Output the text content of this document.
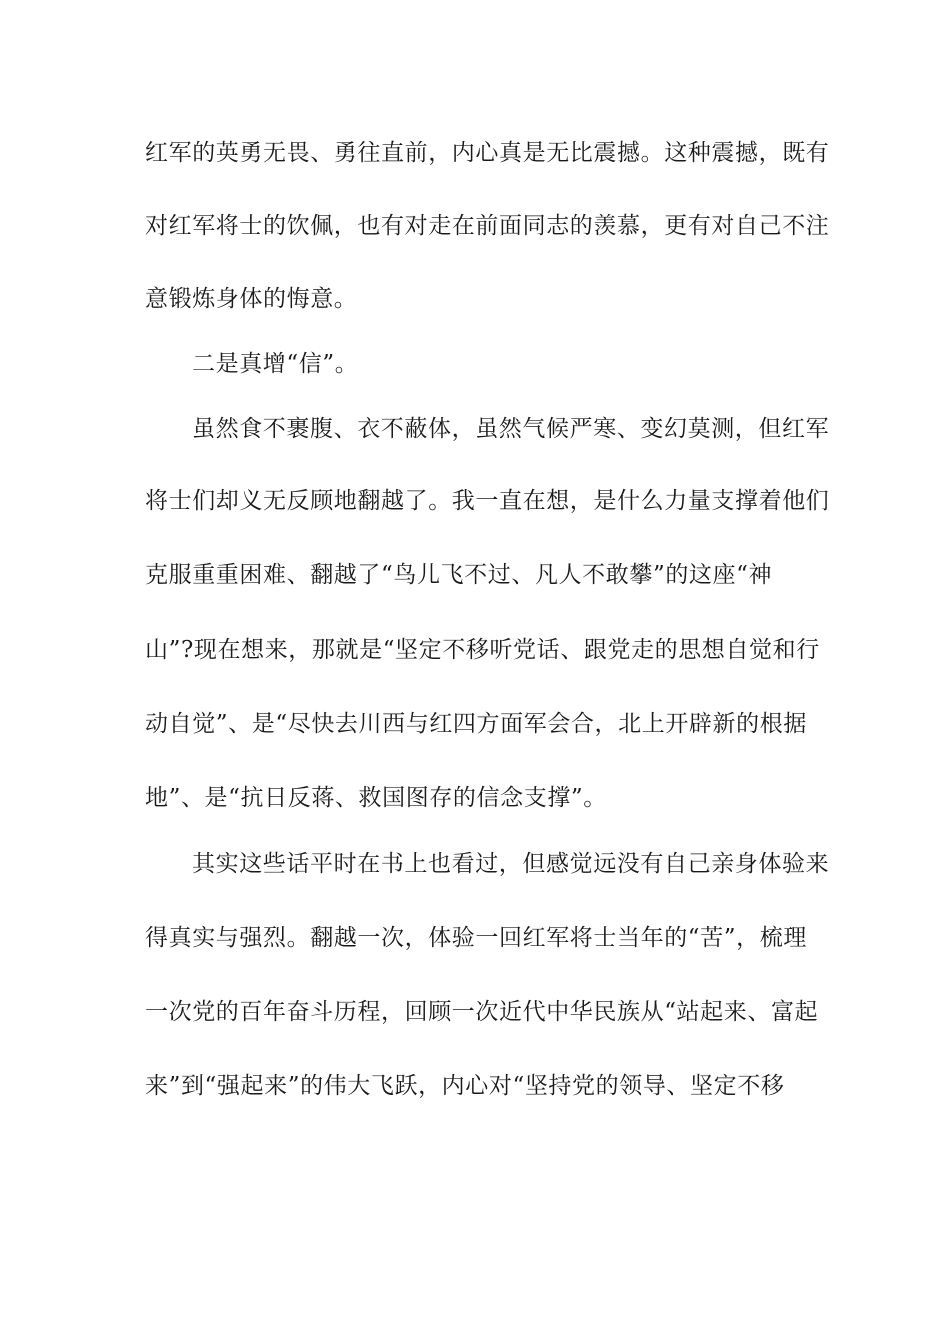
红军的英勇无畏、勇往直前，内心真是无比震撼。这种震撼，既有
对红军将士的饮佩，也有对走在前面同志的羡慕，更有对自己不注
意锻炼身体的悔意。
二是真增“信”。
虽然食不裹腹、衣不蔽体，虽然气候严寒、变幻莫测，但红军
将士们却义无反顾地翻越了。我一直在想，是什么力量支撑着他们
克服重重困难、翻越了“鸟儿飞不过、凡人不敢攀”的这座“神
山”?现在想来，那就是“坚定不移听党话、跟党走的思想自觉和行
动自觉”、是“尽快去川西与红四方面军会合，北上开辟新的根据
地”、是“抗日反蒋、救国图存的信念支撑”。
其实这些话平时在书上也看过，但感觉远没有自己亲身体验来
得真实与强烈。翻越一次，体验一回红军将士当年的“苦”，梳理
一次党的百年奋斗历程，回顾一次近代中华民族从“站起来、富起
来”到“强起来”的伟大飞跃，内心对“坚持党的领导、坚定不移
